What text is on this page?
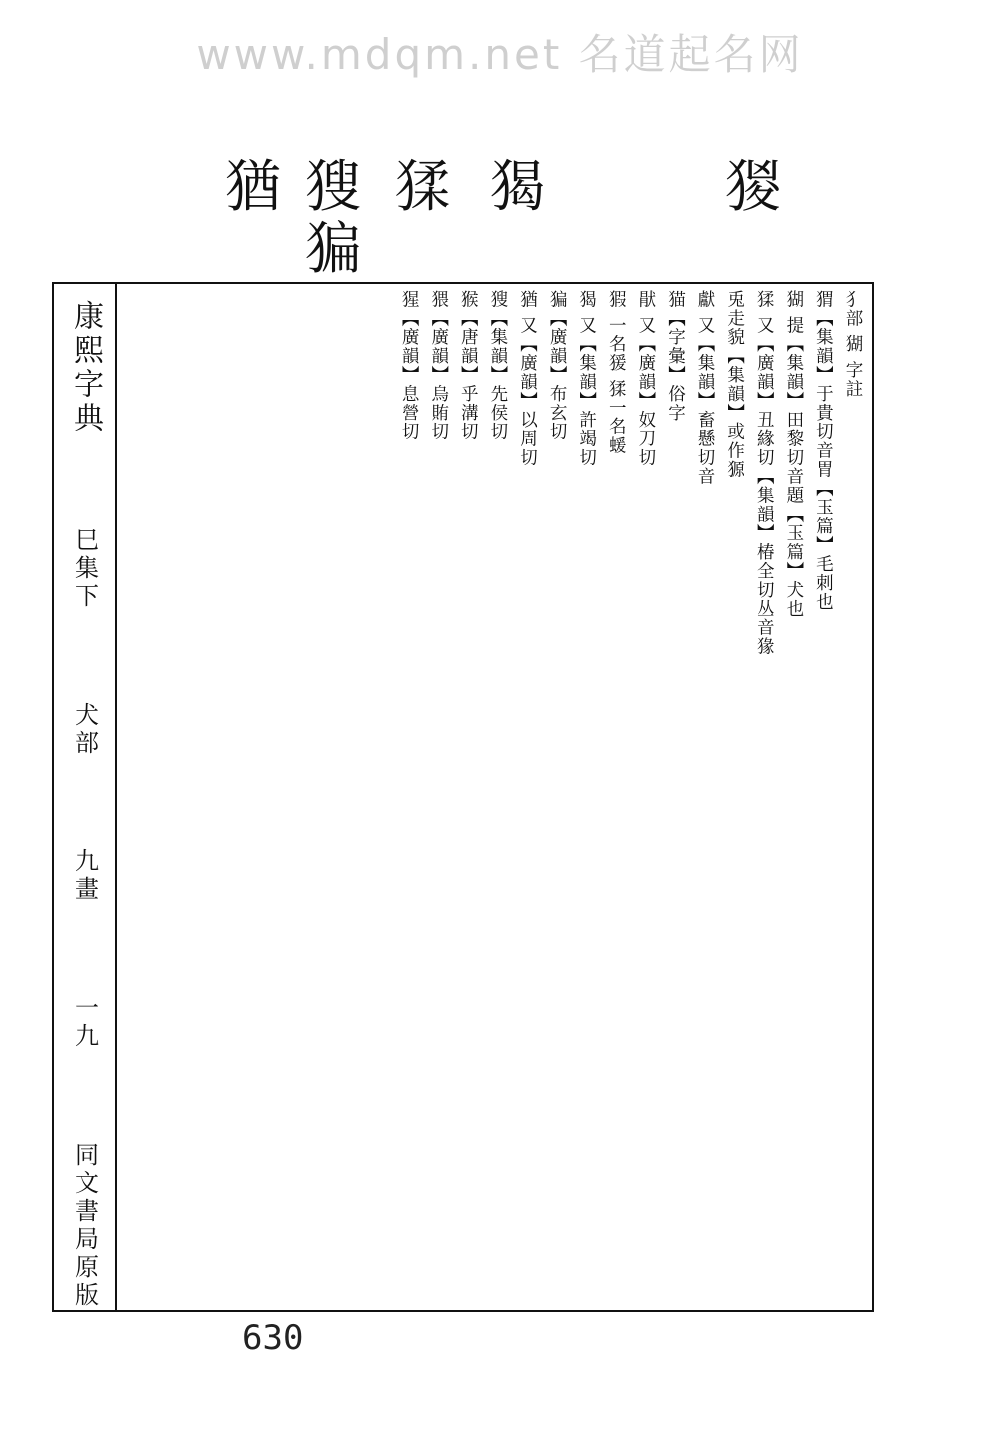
www.mdqm.net 名道起名网
猶 獀 猱 猲	猣
猵
康熙字典
巳集下
犬部
九畫
一九
同文書局原版
犭部 猢 字註
猬【集韻】于貴切音胃【玉篇】毛刺也
猢 提【集韻】田黎切音題【玉篇】犬也
猱 又【廣韻】丑緣切【集韻】椿全切丛音猭
兎走貌【集韻】或作獂
獻 又【集韻】畜懸切音
猫【字彙】俗字
猒 又【廣韻】奴刀切
猳 一名猨 猱一名蝯
猲 又【集韻】許竭切
猵【廣韻】布玄切
猶 又【廣韻】以周切
獀【集韻】先侯切
猴【唐韻】乎溝切
猥【廣韻】烏賄切
猩【廣韻】息營切
630
